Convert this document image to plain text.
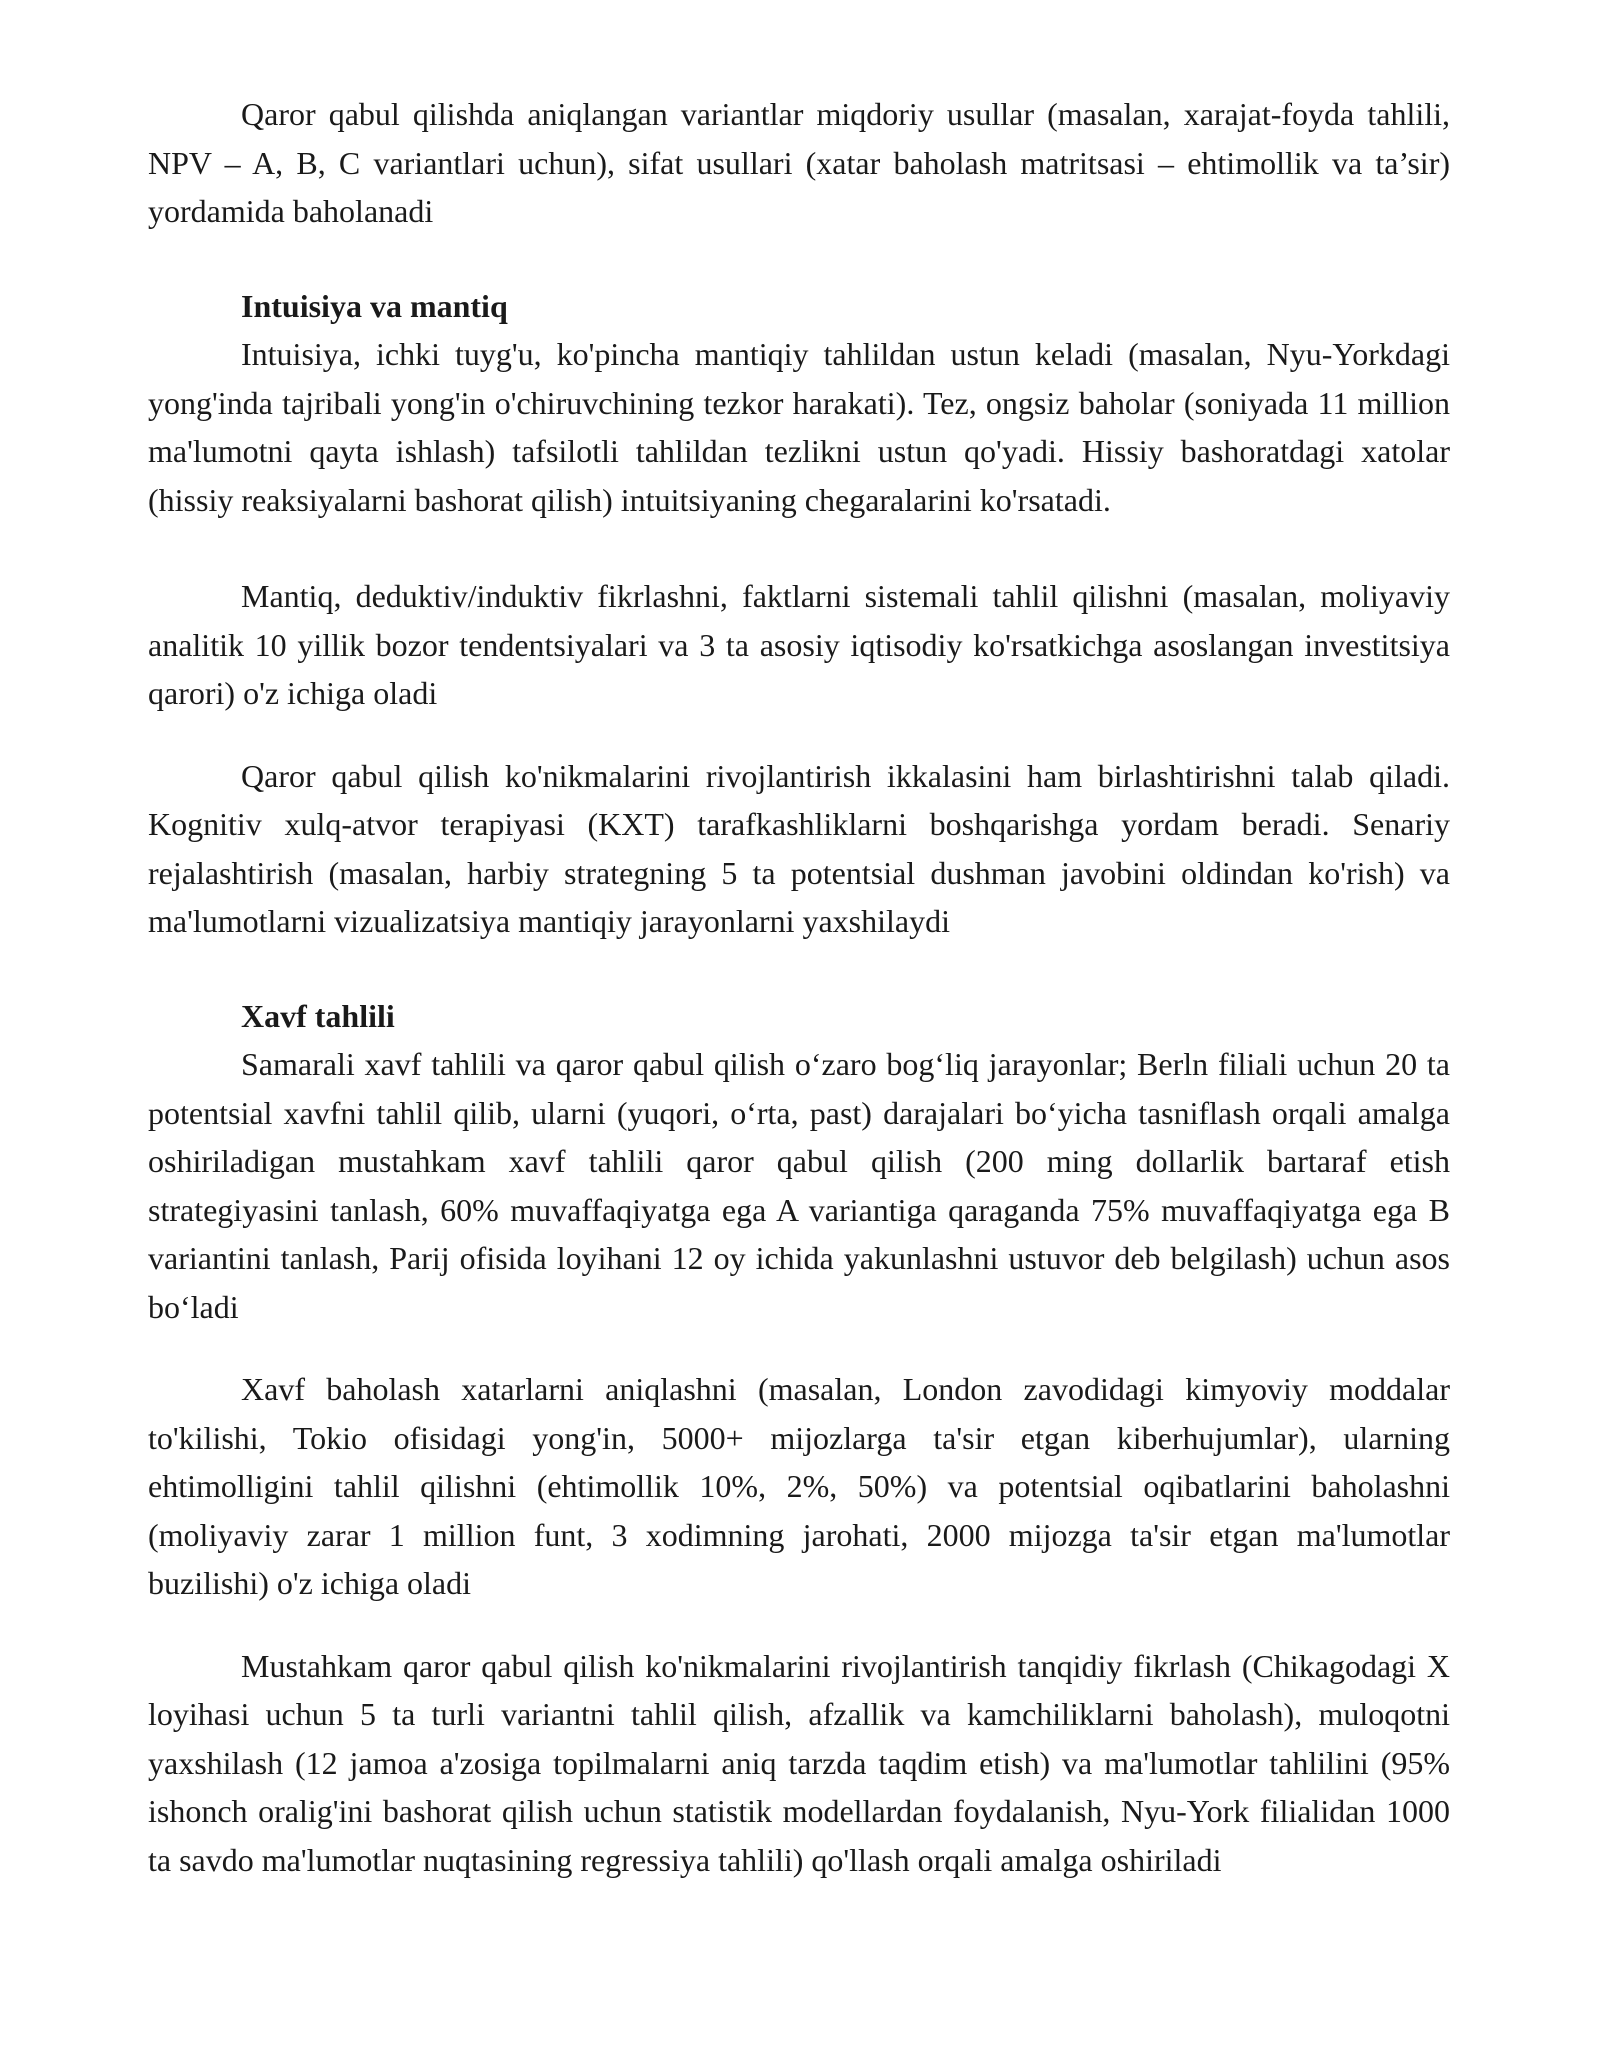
Qaror qabul qilishda aniqlangan variantlar miqdoriy usullar (masalan, xarajat-foyda tahlili, NPV – A, B, C variantlari uchun), sifat usullari (xatar baholash matritsasi – ehtimollik va ta’sir) yordamida baholanadi

Intuisiya va mantiq

Intuisiya, ichki tuyg'u, ko'pincha mantiqiy tahlildan ustun keladi (masalan, Nyu-Yorkdagi yong'inda tajribali yong'in o'chiruvchining tezkor harakati). Tez, ongsiz baholar (soniyada 11 million ma'lumotni qayta ishlash) tafsilotli tahlildan tezlikni ustun qo'yadi. Hissiy bashoratdagi xatolar (hissiy reaksiyalarni bashorat qilish) intuitsiyaning chegaralarini ko'rsatadi.

Mantiq, deduktiv/induktiv fikrlashni, faktlarni sistemali tahlil qilishni (masalan, moliyaviy analitik 10 yillik bozor tendentsiyalari va 3 ta asosiy iqtisodiy ko'rsatkichga asoslangan investitsiya qarori) o'z ichiga oladi

Qaror qabul qilish ko'nikmalarini rivojlantirish ikkalasini ham birlashtirishni talab qiladi. Kognitiv xulq-atvor terapiyasi (KXT) tarafkashliklarni boshqarishga yordam beradi. Senariy rejalashtirish (masalan, harbiy strategning 5 ta potentsial dushman javobini oldindan ko'rish) va ma'lumotlarni vizualizatsiya mantiqiy jarayonlarni yaxshilaydi

Xavf tahlili

Samarali xavf tahlili va qaror qabul qilish o‘zaro bog‘liq jarayonlar; Berln filiali uchun 20 ta potentsial xavfni tahlil qilib, ularni (yuqori, o‘rta, past) darajalari bo‘yicha tasniflash orqali amalga oshiriladigan mustahkam xavf tahlili qaror qabul qilish (200 ming dollarlik bartaraf etish strategiyasini tanlash, 60% muvaffaqiyatga ega A variantiga qaraganda 75% muvaffaqiyatga ega B variantini tanlash, Parij ofisida loyihani 12 oy ichida yakunlashni ustuvor deb belgilash) uchun asos bo‘ladi

Xavf baholash xatarlarni aniqlashni (masalan, London zavodidagi kimyoviy moddalar to'kilishi, Tokio ofisidagi yong'in, 5000+ mijozlarga ta'sir etgan kiberhujumlar), ularning ehtimolligini tahlil qilishni (ehtimollik 10%, 2%, 50%) va potentsial oqibatlarini baholashni (moliyaviy zarar 1 million funt, 3 xodimning jarohati, 2000 mijozga ta'sir etgan ma'lumotlar buzilishi) o'z ichiga oladi

Mustahkam qaror qabul qilish ko'nikmalarini rivojlantirish tanqidiy fikrlash (Chikagodagi X loyihasi uchun 5 ta turli variantni tahlil qilish, afzallik va kamchiliklarni baholash), muloqotni yaxshilash (12 jamoa a'zosiga topilmalarni aniq tarzda taqdim etish) va ma'lumotlar tahlilini (95% ishonch oralig'ini bashorat qilish uchun statistik modellardan foydalanish, Nyu-York filialidan 1000 ta savdo ma'lumotlar nuqtasining regressiya tahlili) qo'llash orqali amalga oshiriladi
